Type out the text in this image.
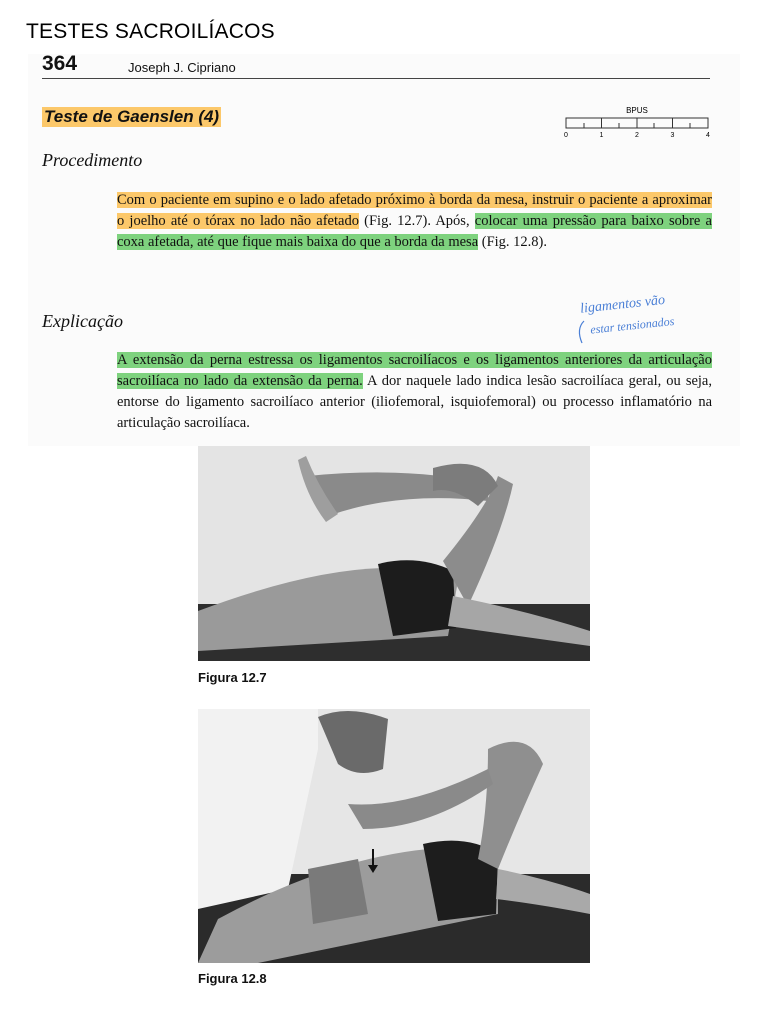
TESTES SACROILÍACOS
364	Joseph J. Cipriano
Teste de Gaenslen (4)	BPUS
0	1	2	3	4
Procedimento
Com o paciente em supino e o lado afetado próximo à borda da mesa, instruir o paciente a aproximar o joelho até o tórax no lado não afetado (Fig. 12.7). Após, colocar uma pressão para baixo sobre a coxa afetada, até que fique mais baixa do que a borda da mesa (Fig. 12.8).
ligamentos vão
estar tensionados
Explicação
A extensão da perna estressa os ligamentos sacroilíacos e os ligamentos anteriores da articulação sacroilíaca no lado da extensão da perna. A dor naquele lado indica lesão sacroilíaca geral, ou seja, entorse do ligamento sacroilíaco anterior (iliofemoral, isquiofemoral) ou processo inflamatório na articulação sacroilíaca.
Figura 12.7
Figura 12.8
